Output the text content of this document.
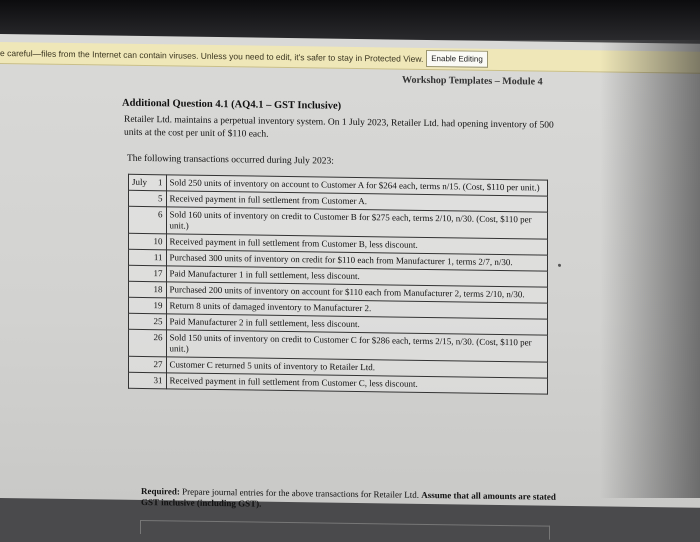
e careful—files from the Internet can contain viruses. Unless you need to edit, it's safer to stay in Protected View. Enable Editing
Workshop Templates – Module 4
Additional Question 4.1 (AQ4.1 – GST Inclusive)
Retailer Ltd. maintains a perpetual inventory system. On 1 July 2023, Retailer Ltd. had opening inventory of 500 units at the cost per unit of $110 each.
The following transactions occurred during July 2023:
July	1	Sold 250 units of inventory on account to Customer A for $264 each, terms n/15. (Cost, $110 per unit.)
	5	Received payment in full settlement from Customer A.
	6	Sold 160 units of inventory on credit to Customer B for $275 each, terms 2/10, n/30. (Cost, $110 per unit.)
	10	Received payment in full settlement from Customer B, less discount.
	11	Purchased 300 units of inventory on credit for $110 each from Manufacturer 1, terms 2/7, n/30.
	17	Paid Manufacturer 1 in full settlement, less discount.
	18	Purchased 200 units of inventory on account for $110 each from Manufacturer 2, terms 2/10, n/30.
	19	Return 8 units of damaged inventory to Manufacturer 2.
	25	Paid Manufacturer 2 in full settlement, less discount.
	26	Sold 150 units of inventory on credit to Customer C for $286 each, terms 2/15, n/30. (Cost, $110 per unit.)
	27	Customer C returned 5 units of inventory to Retailer Ltd.
	31	Received payment in full settlement from Customer C, less discount.
Required: Prepare journal entries for the above transactions for Retailer Ltd. Assume that all amounts are stated GST inclusive (including GST).
